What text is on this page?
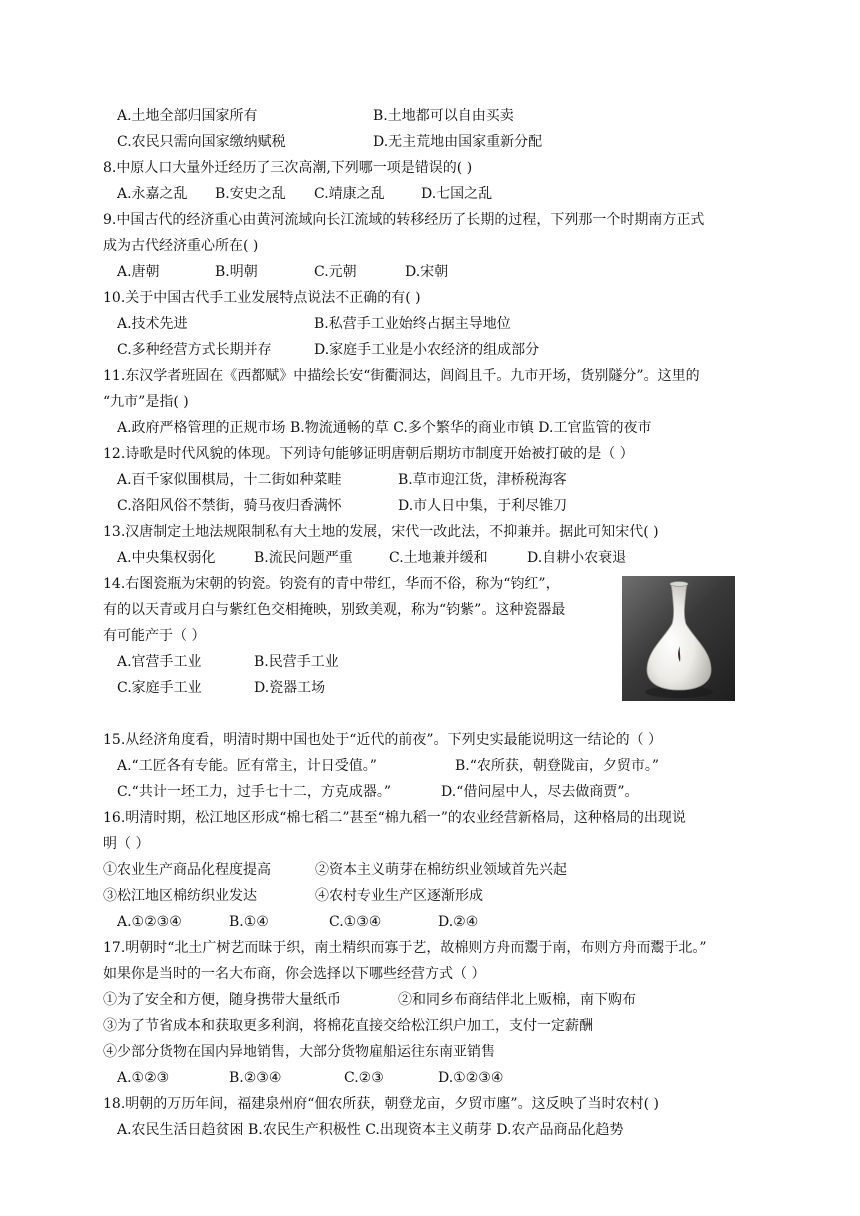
A.土地全部归国家所有	B.土地都可以自由买卖
C.农民只需向国家缴纳赋税	D.无主荒地由国家重新分配
8.中原人口大量外迁经历了三次高潮,下列哪一项是错误的( )
A.永嘉之乱 B.安史之乱 C.靖康之乱	D.七国之乱
9.中国古代的经济重心由黄河流域向长江流域的转移经历了长期的过程，下列那一个时期南方正式
成为古代经济重心所在( )
A.唐朝	B.明朝	C.元朝	D.宋朝
10.关于中国古代手工业发展特点说法不正确的有( )
A.技术先进	B.私营手工业始终占据主导地位
C.多种经营方式长期并存	D.家庭手工业是小农经济的组成部分
11.东汉学者班固在《西都赋》中描绘长安“街衢洞达，闾阎且千。九市开场，货别隧分”。这里的
“九市”是指( )
A.政府严格管理的正规市场 B.物流通畅的草 C.多个繁华的商业市镇 D.工官监管的夜市
12.诗歌是时代风貌的体现。下列诗句能够证明唐朝后期坊市制度开始被打破的是（ ）
A.百千家似围棋局，十二街如种菜畦	B.草市迎江货，津桥税海客
C.洛阳风俗不禁街，骑马夜归香满怀	D.市人日中集，于利尽锥刀
13.汉唐制定土地法规限制私有大土地的发展，宋代一改此法，不抑兼并。据此可知宋代( )
A.中央集权弱化	B.流民问题严重	C.土地兼并缓和	D.自耕小农衰退
14.右图瓷瓶为宋朝的钧瓷。钧瓷有的青中带红，华而不俗，称为“钧红”，
有的以天青或月白与紫红色交相掩映，别致美观，称为“钧紫”。这种瓷器最
有可能产于（ ）
A.官营手工业	B.民营手工业
C.家庭手工业	D.瓷器工场
15.从经济角度看，明清时期中国也处于“近代的前夜”。下列史实最能说明这一结论的（ ）
A.“工匠各有专能。匠有常主，计日受值。”	B.“农所获，朝登陇亩，夕贸市。”
C.“共计一坯工力，过手七十二，方克成器。”	D.“借问屋中人，尽去做商贾”。
16.明清时期，松江地区形成“棉七稻二”甚至“棉九稻一”的农业经营新格局，这种格局的出现说
明（ ）
①农业生产商品化程度提高	②资本主义萌芽在棉纺织业领域首先兴起
③松江地区棉纺织业发达	④农村专业生产区逐渐形成
A.①②③④	B.①④	C.①③④	D.②④
17.明朝时“北土广树艺而昧于织，南土精织而寡于艺，故棉则方舟而鬻于南，布则方舟而鬻于北。”
如果你是当时的一名大布商，你会选择以下哪些经营方式（ ）
①为了安全和方便，随身携带大量纸币	②和同乡布商结伴北上贩棉，南下购布
③为了节省成本和获取更多利润，将棉花直接交给松江织户加工，支付一定薪酬
④少部分货物在国内异地销售，大部分货物雇船运往东南亚销售
A.①②③	B.②③④	C.②③	D.①②③④
18.明朝的万历年间，福建泉州府“佃农所获，朝登龙亩，夕贸市廛”。这反映了当时农村( )
A.农民生活日趋贫困 B.农民生产积极性 C.出现资本主义萌芽 D.农产品商品化趋势
